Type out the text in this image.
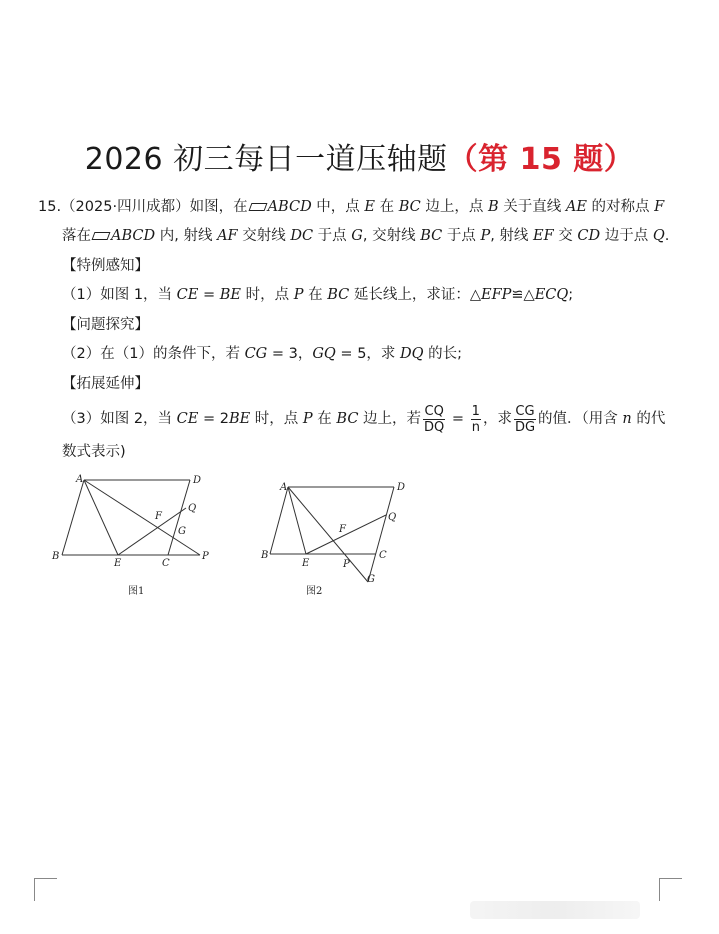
2026 初三每日一道压轴题（第 15 题）
15.（2025·四川成都）如图，在 ABCD 中，点 E 在 BC 边上，点 B 关于直线 AE 的对称点 F
落在 ABCD 内, 射线 AF 交射线 DC 于点 G, 交射线 BC 于点 P, 射线 EF 交 CD 边于点 Q.
【特例感知】
（1）如图 1，当 CE = BE 时，点 P 在 BC 延长线上，求证：△EFP≌△ECQ;
【问题探究】
（2）在（1）的条件下，若 CG = 3，GQ = 5，求 DQ 的长;
【拓展延伸】
（3）如图 2，当 CE = 2BE 时，点 P 在 BC 边上，若 $\frac{CQ}{DQ} = \frac{1}{n}$ ，求 $\frac{CG}{DG}$ 的值．（用含 n 的代
数式表示)
A	D
B
E	C
P
F
Q
G
图1
A	D
B
E
C
P
F
Q
G
图2
